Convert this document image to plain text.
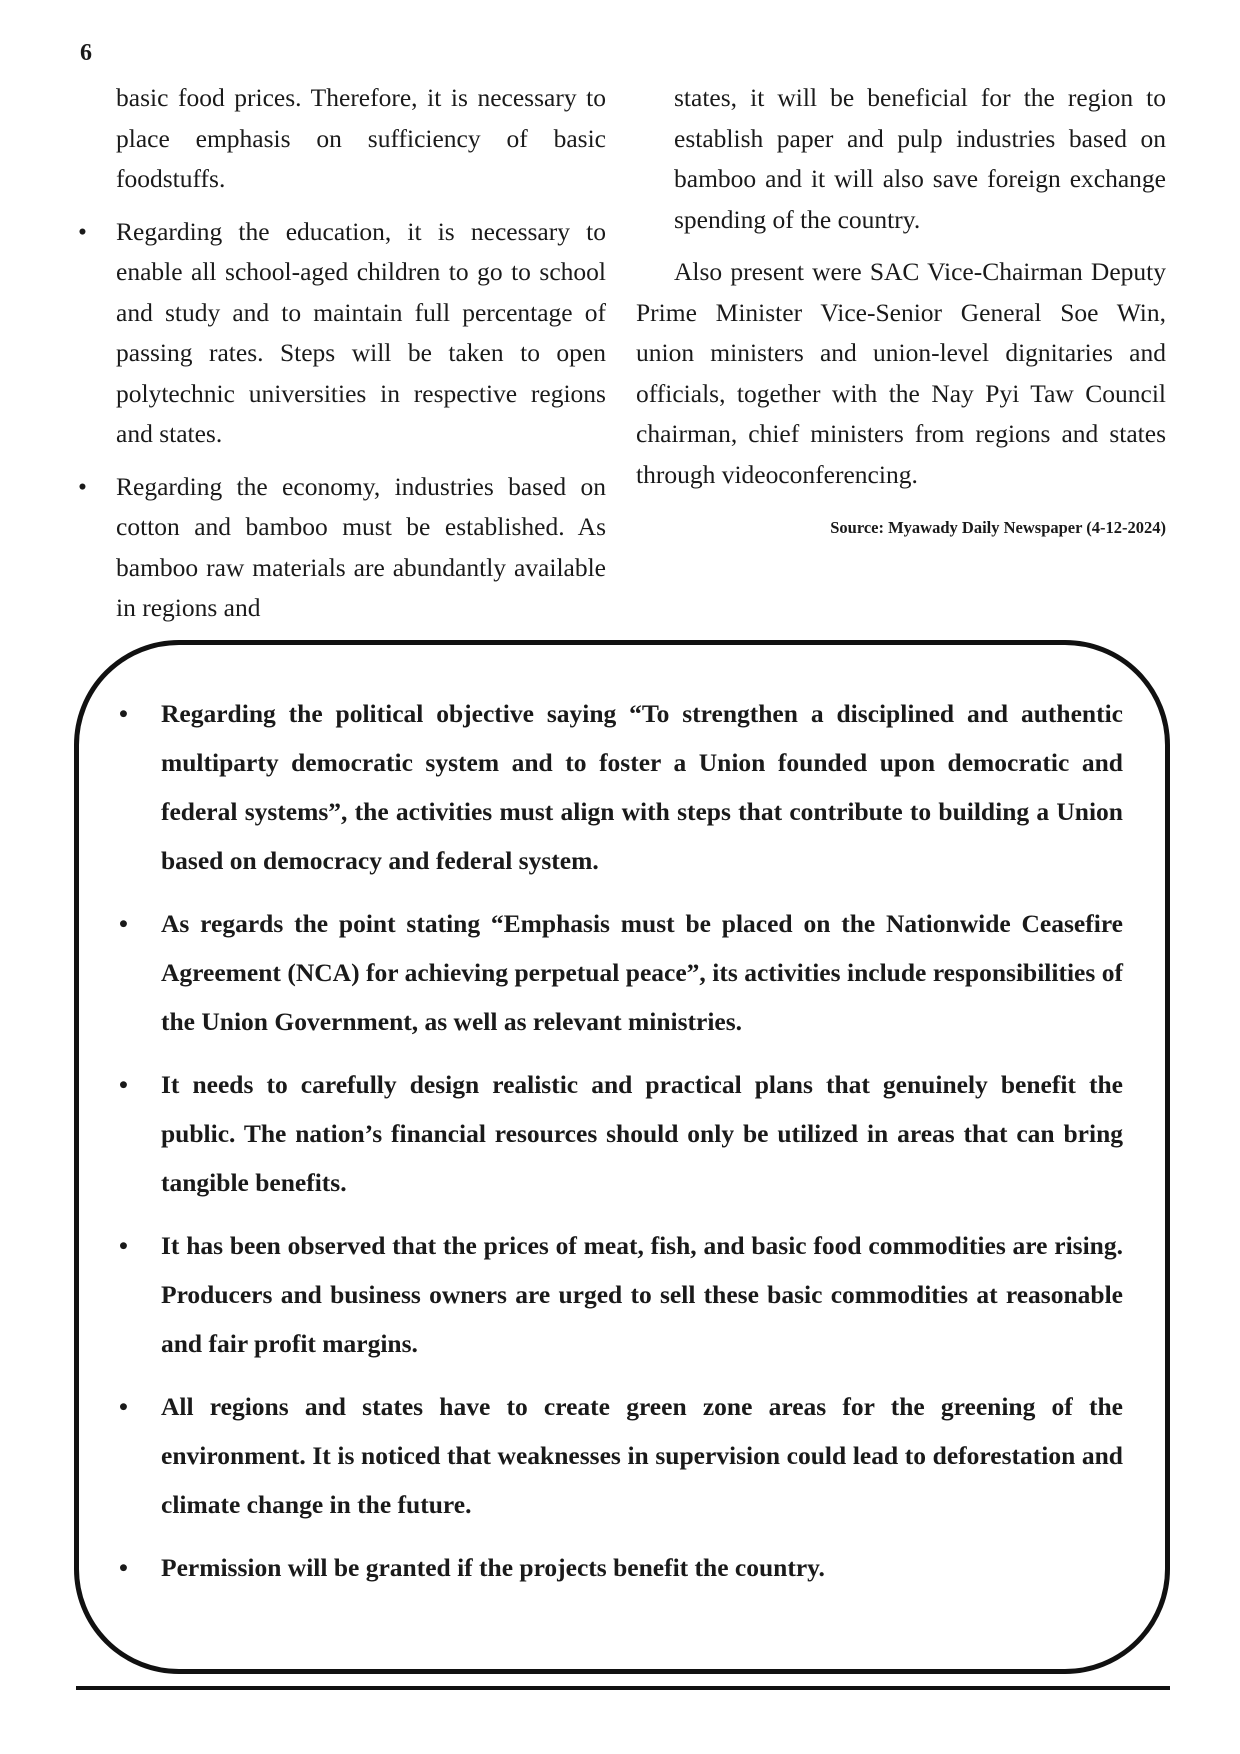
6

basic food prices. Therefore, it is necessary to place emphasis on sufficiency of basic foodstuffs.

• Regarding the education, it is necessary to enable all school-aged children to go to school and study and to maintain full percentage of passing rates. Steps will be taken to open polytechnic universities in respective regions and states.
• Regarding the economy, industries based on cotton and bamboo must be established. As bamboo raw materials are abundantly available in regions and

states, it will be beneficial for the region to establish paper and pulp industries based on bamboo and it will also save foreign exchange spending of the country.

Also present were SAC Vice-Chairman Deputy Prime Minister Vice-Senior General Soe Win, union ministers and union-level dignitaries and officials, together with the Nay Pyi Taw Council chairman, chief ministers from regions and states through videoconferencing.

Source: Myawady Daily Newspaper (4-12-2024)

• Regarding the political objective saying “To strengthen a disciplined and authentic multiparty democratic system and to foster a Union founded upon democratic and federal systems”, the activities must align with steps that contribute to building a Union based on democracy and federal system.
• As regards the point stating “Emphasis must be placed on the Nationwide Ceasefire Agreement (NCA) for achieving perpetual peace”, its activities include responsibilities of the Union Government, as well as relevant ministries.
• It needs to carefully design realistic and practical plans that genuinely benefit the public. The nation’s financial resources should only be utilized in areas that can bring tangible benefits.
• It has been observed that the prices of meat, fish, and basic food commodities are rising. Producers and business owners are urged to sell these basic commodities at reasonable and fair profit margins.
• All regions and states have to create green zone areas for the greening of the environment. It is noticed that weaknesses in supervision could lead to deforestation and climate change in the future.
• Permission will be granted if the projects benefit the country.
